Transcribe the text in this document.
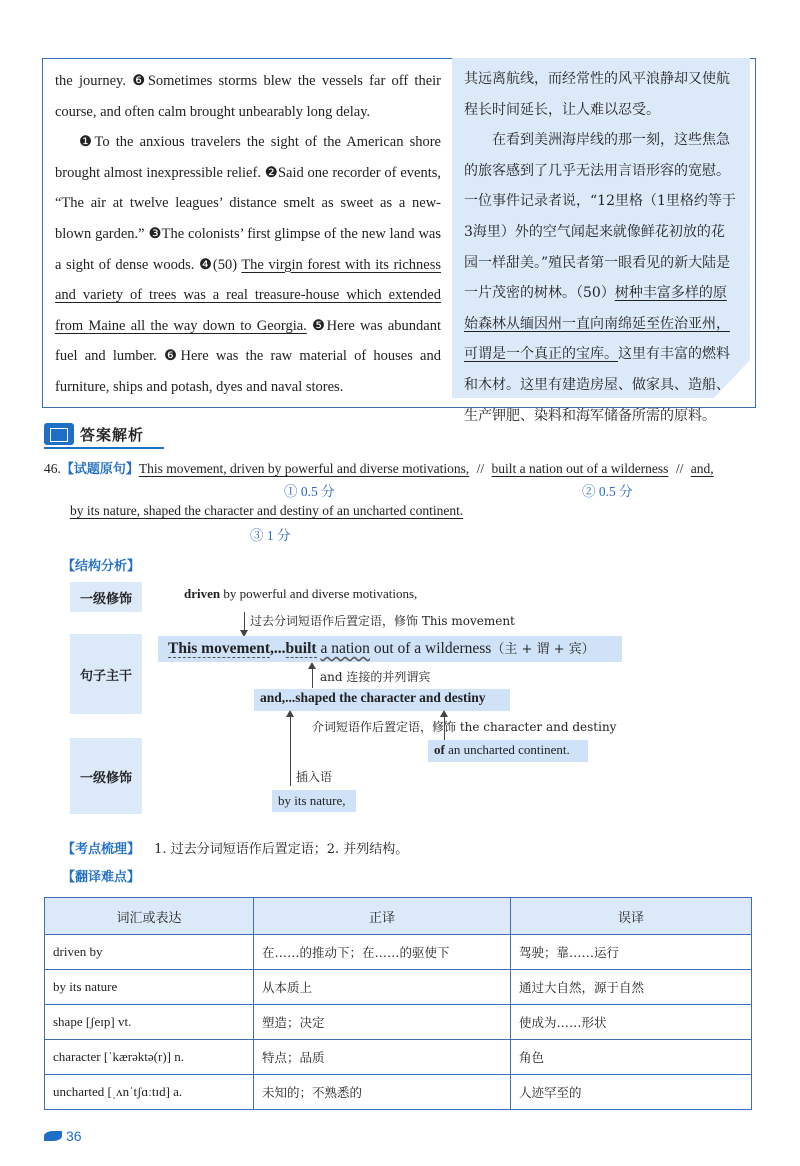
the journey. ❻Sometimes storms blew the vessels far off their course, and often calm brought unbearably long delay.

❶To the anxious travelers the sight of the American shore brought almost inexpressible relief. ❷Said one recorder of events, “The air at twelve leagues’ distance smelt as sweet as a new-blown garden.” ❸The colonists’ first glimpse of the new land was a sight of dense woods. ❹(50) The virgin forest with its richness and variety of trees was a real treasure-house which extended from Maine all the way down to Georgia. ❺Here was abundant fuel and lumber. ❻Here was the raw material of houses and furniture, ships and potash, dyes and naval stores.

其远离航线，而经常性的风平浪静却又使航程长时间延长，让人难以忍受。

在看到美洲海岸线的那一刻，这些焦急的旅客感到了几乎无法用言语形容的宽慰。一位事件记录者说，“12里格（1里格约等于3海里）外的空气闻起来就像鲜花初放的花园一样甜美。”殖民者第一眼看见的新大陆是一片茂密的树林。（50）树种丰富多样的原始森林从缅因州一直向南绵延至佐治亚州，可谓是一个真正的宝库。这里有丰富的燃料和木材。这里有建造房屋、做家具、造船、生产钾肥、染料和海军储备所需的原料。

答案解析
46.【试题原句】This movement, driven by powerful and diverse motivations, // built a nation out of a wilderness // and,
① 0.5 分	② 0.5 分
by its nature, shaped the character and destiny of an uncharted continent.
③ 1 分
【结构分析】
一级修饰
句子主干
一级修饰
driven by powerful and diverse motivations,
过去分词短语作后置定语，修饰 This movement
This movement,...built a nation out of a wilderness（主 + 谓 + 宾）
and 连接的并列谓宾
and,...shaped the character and destiny
介词短语作后置定语，修饰 the character and destiny
of an uncharted continent.
插入语
by its nature,
【考点梳理】 1. 过去分词短语作后置定语；2. 并列结构。
【翻译难点】
词汇或表达	正译	误译
driven by	在……的推动下；在……的驱使下	驾驶；靠……运行
by its nature	从本质上	通过大自然，源于自然
shape [ʃeɪp] vt.	塑造；决定	使成为……形状
character [ˈkærəktə(r)] n.	特点；品质	角色
uncharted [ˌʌnˈtʃɑːtɪd] a.	未知的；不熟悉的	人迹罕至的
36
